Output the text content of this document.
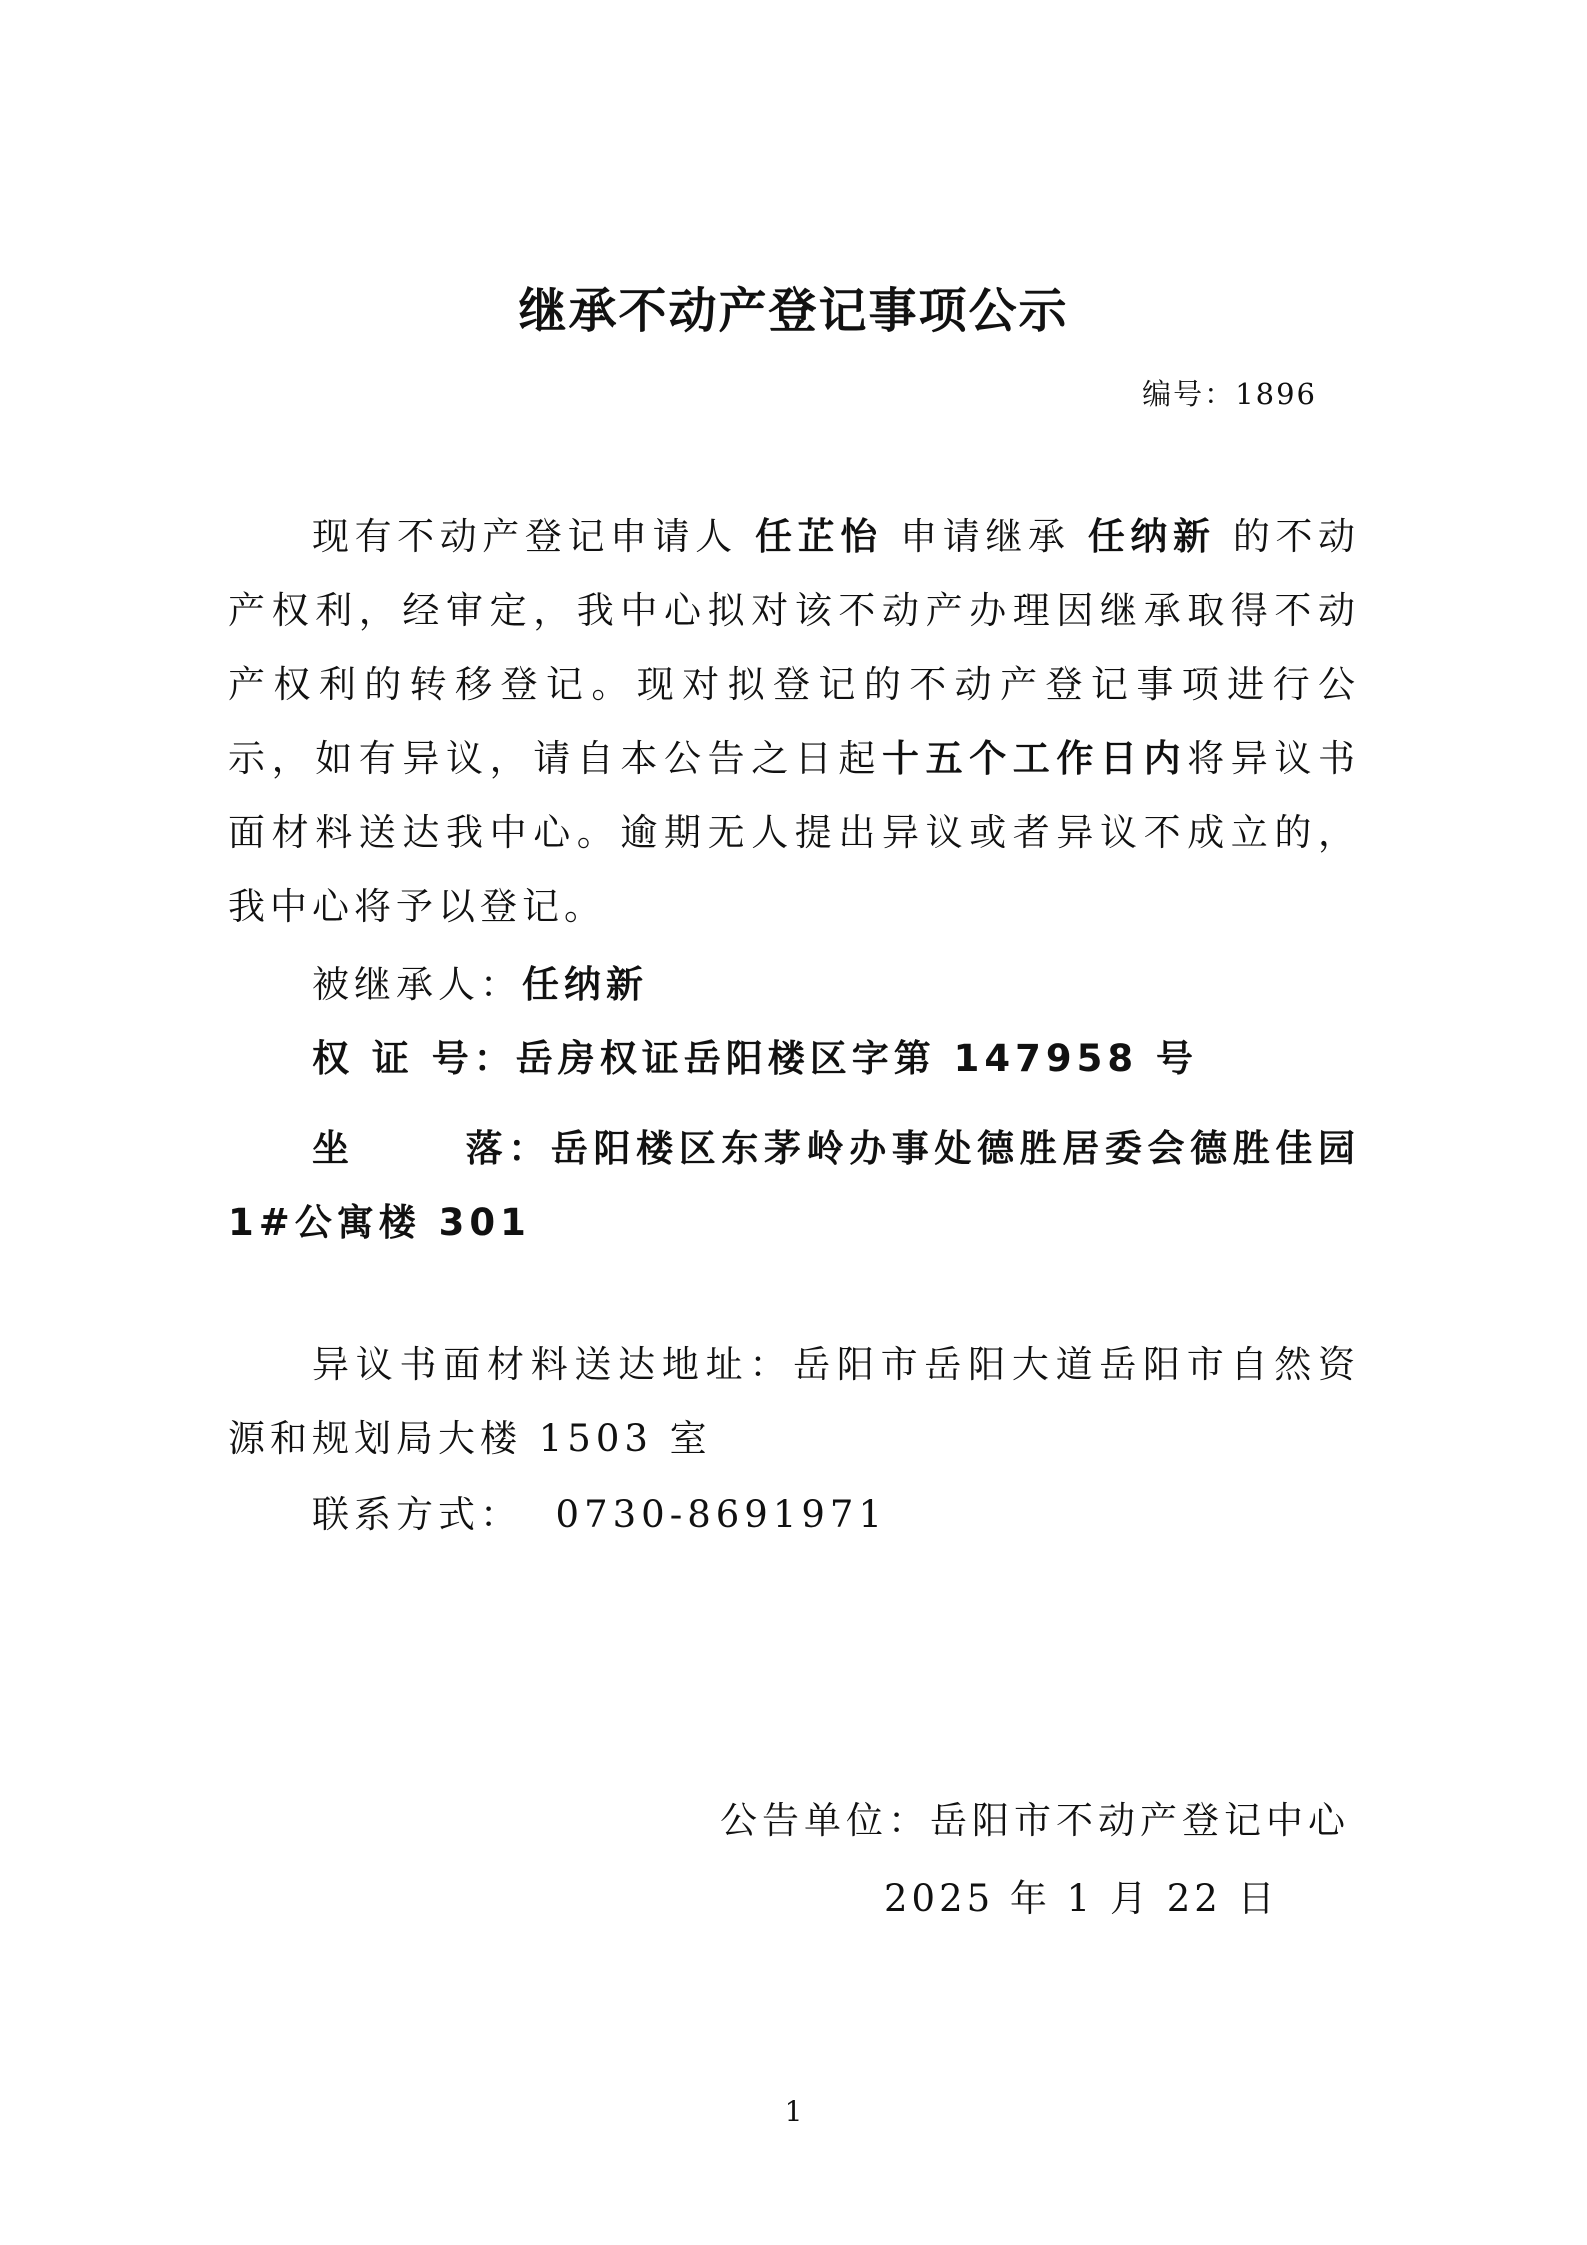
继承不动产登记事项公示
编号：1896
现有不动产登记申请人 任芷怡 申请继承 任纳新 的不动产权利，经审定，我中心拟对该不动产办理因继承取得不动产权利的转移登记。现对拟登记的不动产登记事项进行公示，如有异议，请自本公告之日起十五个工作日内将异议书面材料送达我中心。逾期无人提出异议或者异议不成立的，我中心将予以登记。
被继承人：任纳新
权 证 号：岳房权证岳阳楼区字第 147958 号
坐      落：岳阳楼区东茅岭办事处德胜居委会德胜佳园 1#公寓楼 301
异议书面材料送达地址：岳阳市岳阳大道岳阳市自然资源和规划局大楼 1503 室
联系方式： 0730-8691971
公告单位：岳阳市不动产登记中心
2025 年 1 月 22 日
1
